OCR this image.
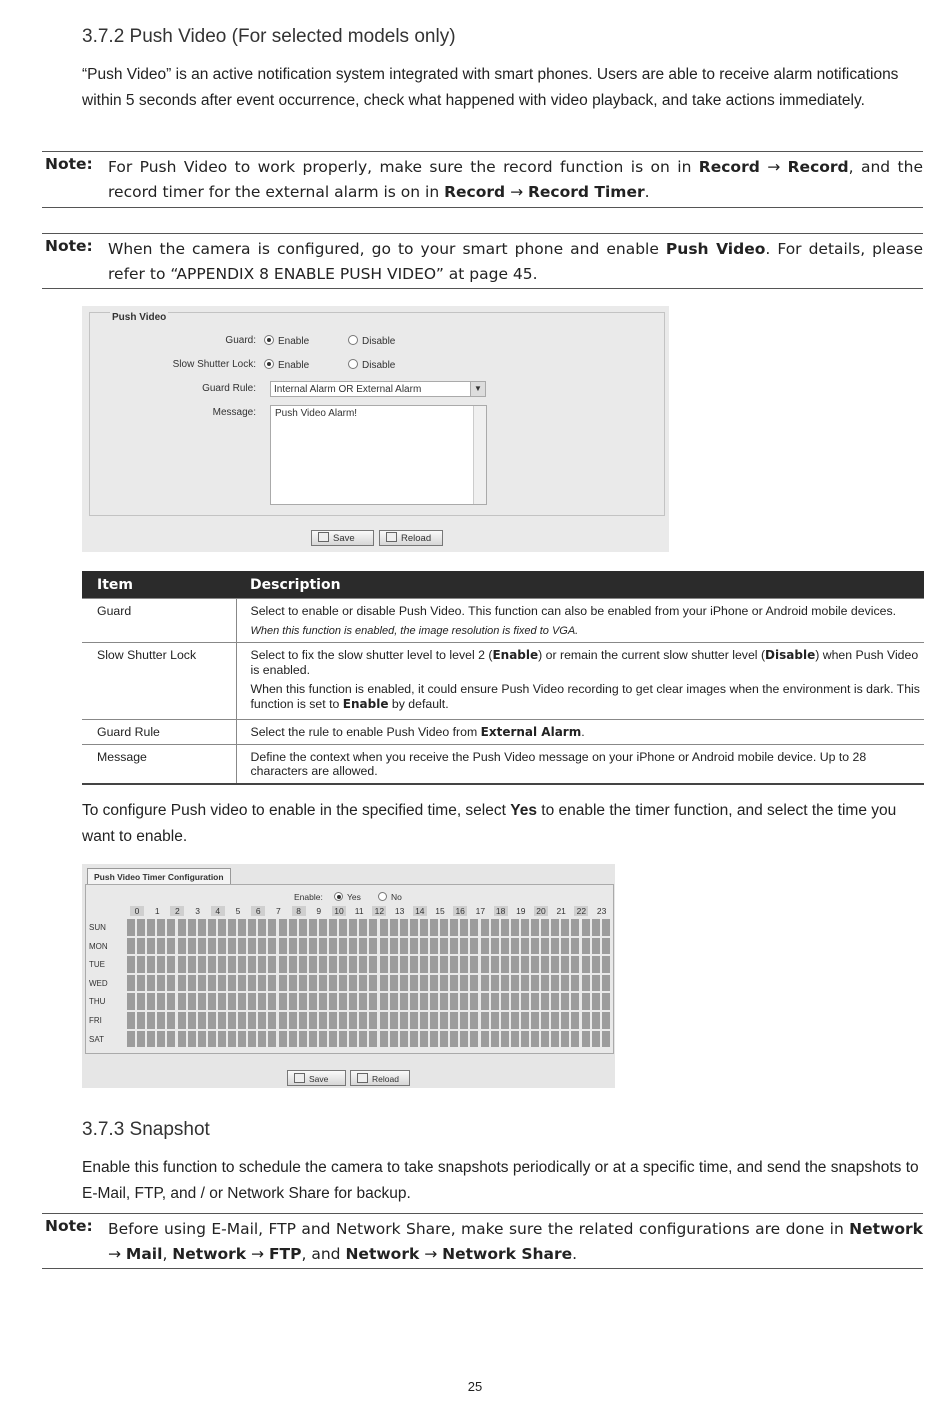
3.7.2 Push Video (For selected models only)
“Push Video” is an active notification system integrated with smart phones. Users are able to receive alarm notifications within 5 seconds after event occurrence, check what happened with video playback, and take actions immediately.
Note: For Push Video to work properly, make sure the record function is on in Record → Record, and the record timer for the external alarm is on in Record → Record Timer.
Note: When the camera is configured, go to your smart phone and enable Push Video. For details, please refer to “APPENDIX 8 ENABLE PUSH VIDEO” at page 45.
Push Video
Guard:	Enable	Disable
Slow Shutter Lock:	Enable	Disable
Guard Rule:	Internal Alarm OR External Alarm	▼
Message:	Push Video Alarm!
Save	Reload
Item	Description
Guard	Select to enable or disable Push Video. This function can also be enabled from your iPhone or Android mobile devices.
When this function is enabled, the image resolution is fixed to VGA.

Slow Shutter Lock	Select to fix the slow shutter level to level 2 (Enable) or remain the current slow shutter level (Disable) when Push Video is enabled.
When this function is enabled, it could ensure Push Video recording to get clear images when the environment is dark. This function is set to Enable by default.

Guard Rule	Select the rule to enable Push Video from External Alarm.
Message	Define the context when you receive the Push Video message on your iPhone or Android mobile device. Up to 28 characters are allowed.
To configure Push video to enable in the specified time, select Yes to enable the timer function, and select the time you want to enable.
Push Video Timer Configuration
Enable:	Yes	No
0	1	2	3	4	5	6	7	8	9	10	11	12 13 14 15 16 17 18 19 20 21 22 23
SUN
MON
TUE
WED
THU
FRI
SAT
Save	Reload
3.7.3 Snapshot
Enable this function to schedule the camera to take snapshots periodically or at a specific time, and send the snapshots to E-Mail, FTP, and / or Network Share for backup.
Note: Before using E-Mail, FTP and Network Share, make sure the related configurations are done in Network → Mail, Network → FTP, and Network → Network Share.
25
